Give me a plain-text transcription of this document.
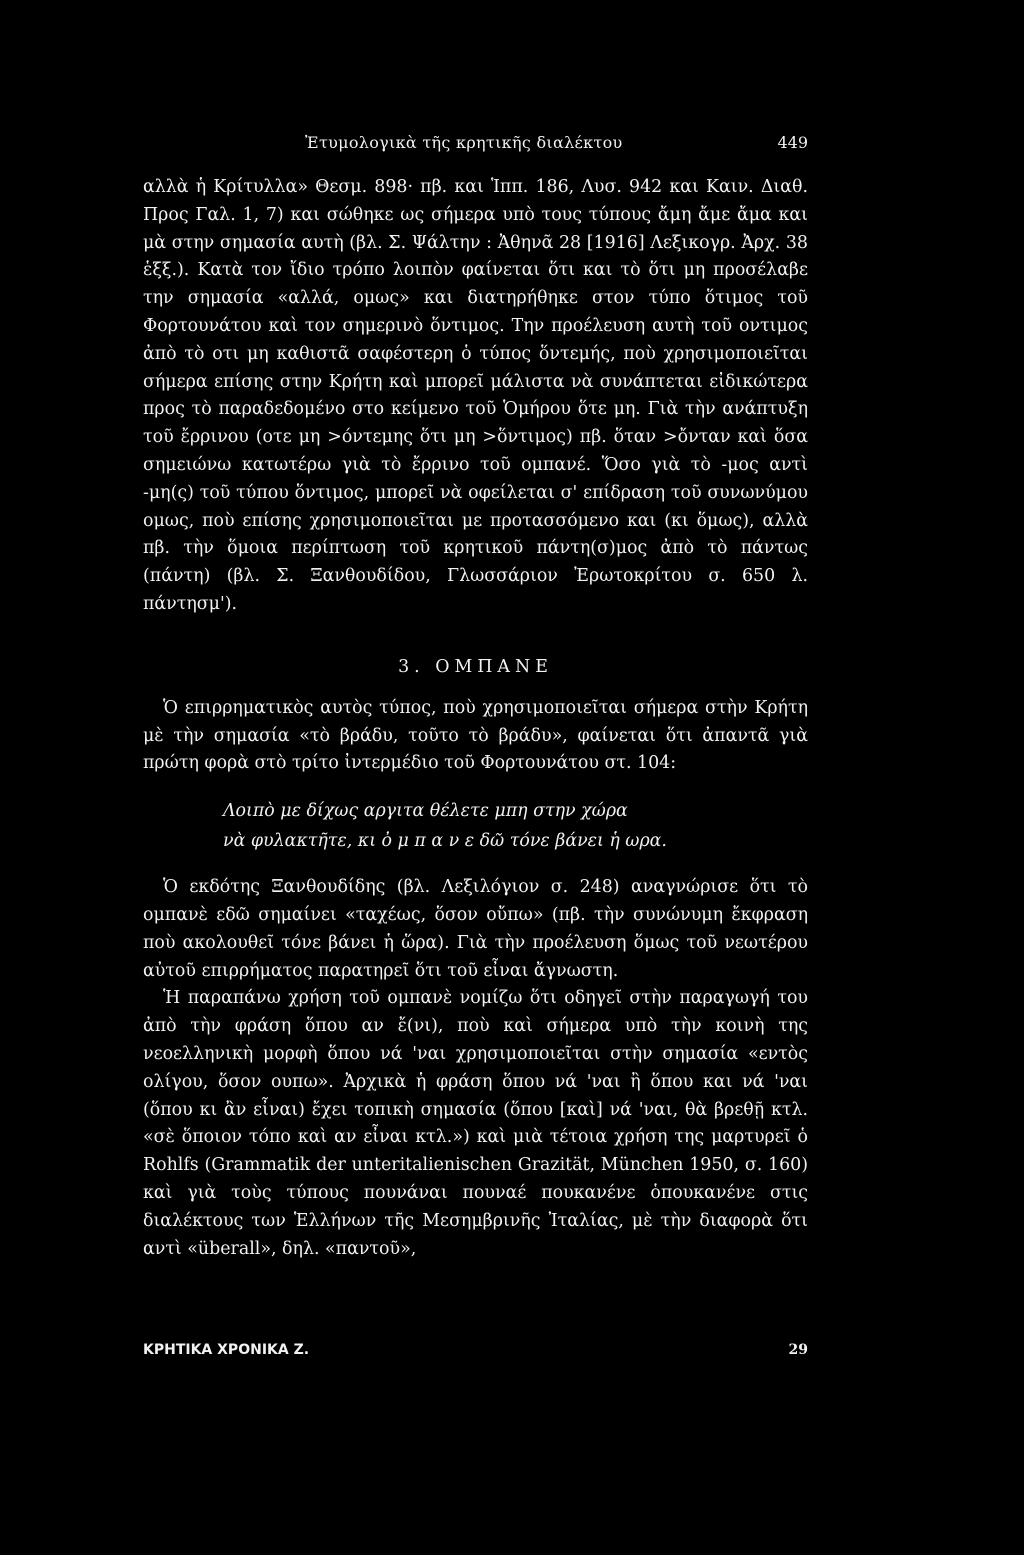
Ἐτυμολογικὰ τῆς κρητικῆς διαλέκτου	449

αλλὰ ἡ Κρίτυλλα» Θεσμ. 898· πβ. και Ἱππ. 186, Λυσ. 942 και Καιν. Διαθ. Προς Γαλ. 1, 7) και σώθηκε ως σήμερα υπὸ τους τύπους ἄμη ἄμε ἄμα και μὰ στην σημασία αυτὴ (βλ. Σ. Ψάλτην : Ἀθηνᾶ 28 [1916] Λεξικογρ. Ἀρχ. 38 ἑξξ.). Κατὰ τον ἴδιο τρόπο λοιπὸν φαίνεται ὅτι και τὸ ὅτι μη προσέλαβε την σημασία «αλλά, ομως» και διατηρήθηκε στον τύπο ὅτιμος τοῦ Φορτουνάτου καὶ τον σημερινὸ ὅντιμος. Την προέλευση αυτὴ τοῦ οντιμος ἀπὸ τὸ οτι μη καθιστᾶ σαφέστερη ὁ τύπος ὅντεμής, ποὺ χρησιμοποιεῖται σήμερα επίσης στην Κρήτη καὶ μπορεῖ μάλιστα νὰ συνάπτεται εἰδικώτερα προς τὸ παραδεδομένο στο κείμενο τοῦ Ὁμήρου ὅτε μη. Γιὰ τὴν ανάπτυξη τοῦ ἔρρινου (οτε μη >όντεμης ὅτι μη >ὅντιμος) πβ. ὅταν >ὄνταν καὶ ὅσα σημειώνω κατωτέρω γιὰ τὸ ἔρρινο τοῦ ομπανέ. Ὅσο γιὰ τὸ -μος αντὶ -μη(ς) τοῦ τύπου ὅντιμος, μπορεῖ νὰ οφείλεται σ' επίδραση τοῦ συνωνύμου ομως, ποὺ επίσης χρησιμοποιεῖται με προτασσόμενο και (κι ὅμως), αλλὰ πβ. τὴν ὅμοια περίπτωση τοῦ κρητικοῦ πάντη(σ)μος ἀπὸ τὸ πάντως (πάντη) (βλ. Σ. Ξανθουδίδου, Γλωσσάριον Ἐρωτοκρίτου σ. 650 λ. πάντησμ').

3. ΟΜΠΑΝΕ

Ὁ επιρρηματικὸς αυτὸς τύπος, ποὺ χρησιμοποιεῖται σήμερα στὴν Κρήτη μὲ τὴν σημασία «τὸ βράδυ, τοῦτο τὸ βράδυ», φαίνεται ὅτι ἀπαντᾶ γιὰ πρώτη φορὰ στὸ τρίτο ἰντερμέδιο τοῦ Φορτουνάτου στ. 104:

Λοιπὸ με δίχως αργιτα θέλετε μπη στην χώρα
νὰ φυλακτῆτε, κι ὀ μ π α ν ε δῶ τόνε βάνει ἡ ωρα.

Ὁ εκδότης Ξανθουδίδης (βλ. Λεξιλόγιον σ. 248) αναγνώρισε ὅτι τὸ ομπανὲ εδῶ σημαίνει «ταχέως, ὅσον οὔπω» (πβ. τὴν συνώνυμη ἔκφραση ποὺ ακολουθεῖ τόνε βάνει ἡ ὥρα). Γιὰ τὴν προέλευση ὅμως τοῦ νεωτέρου αὐτοῦ επιρρήματος παρατηρεῖ ὅτι τοῦ εἶναι ἄγνωστη.

Ἡ παραπάνω χρήση τοῦ ομπανὲ νομίζω ὅτι οδηγεῖ στὴν παραγωγή του ἀπὸ τὴν φράση ὅπου αν ἔ(νι), ποὺ καὶ σήμερα υπὸ τὴν κοινὴ της νεοελληνικὴ μορφὴ ὅπου νά 'ναι χρησιμοποιεῖται στὴν σημασία «εντὸς ολίγου, ὅσον ουπω». Ἀρχικὰ ἡ φράση ὅπου νά 'ναι ἢ ὅπου και νά 'ναι (ὅπου κι ἂν εἶναι) ἔχει τοπικὴ σημασία (ὅπου [καὶ] νά 'ναι, θὰ βρεθῇ κτλ. «σὲ ὅποιον τόπο καὶ αν εἶναι κτλ.») καὶ μιὰ τέτοια χρήση της μαρτυρεῖ ὁ Rohlfs (Grammatik der unteritalienischen Grazität, München 1950, σ. 160) καὶ γιὰ τοὺς τύπους πουνάναι πουναέ πουκανένε ὁπουκανένε στις διαλέκτους των Ἑλλήνων τῆς Μεσημβρινῆς Ἰταλίας, μὲ τὴν διαφορὰ ὅτι αντὶ «überall», δηλ. «παντοῦ»,

ΚΡΗΤΙΚΑ ΧΡΟΝΙΚΑ Ζ.	29
